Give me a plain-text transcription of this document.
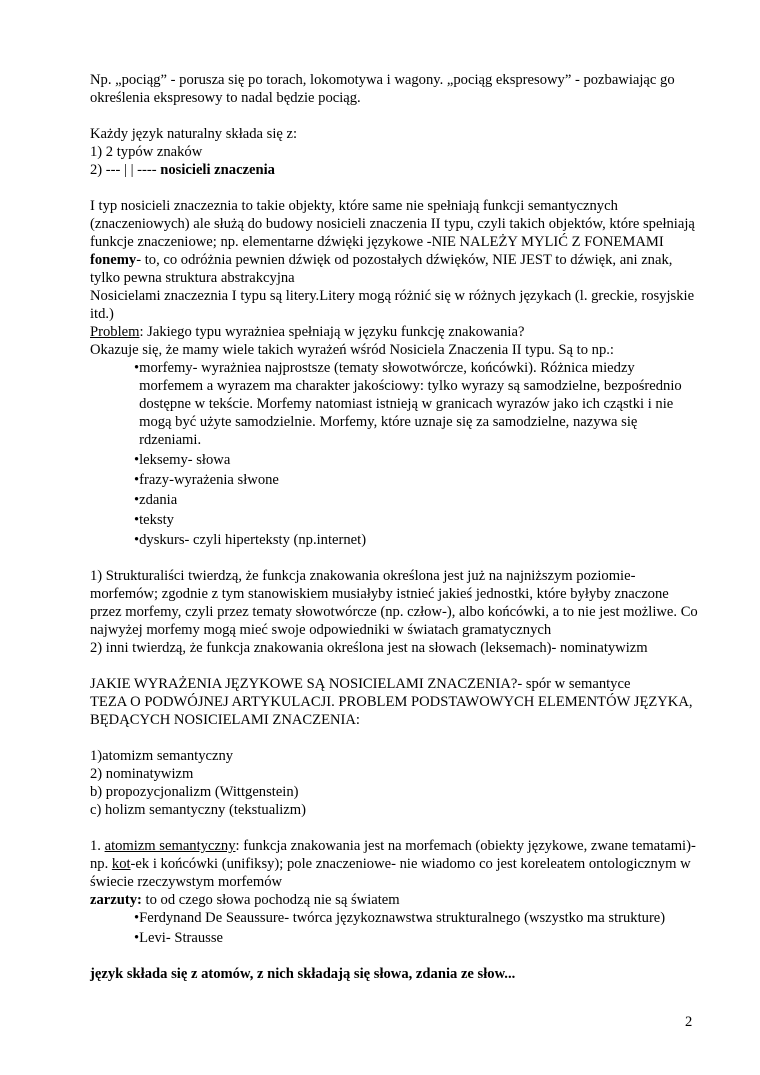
Np. „pociąg” - porusza się po torach, lokomotywa i wagony. „pociąg ekspresowy” - pozbawiając go określenia ekspresowy to nadal będzie pociąg.

Każdy język naturalny składa się z:

1) 2 typów znaków

2) --- | | ---- nosicieli znaczenia

I typ nosicieli znaczeznia to takie objekty, które same nie spełniają funkcji semantycznych (znaczeniowych) ale służą do budowy nosicieli znaczenia II typu, czyli takich objektów, które spełniają funkcje znaczeniowe; np. elementarne dźwięki językowe -NIE NALEŻY MYLIĆ Z FONEMAMI

fonemy- to, co odróżnia pewnien dźwięk od pozostałych dźwięków, NIE JEST to dźwięk, ani znak, tylko pewna struktura abstrakcyjna

Nosicielami znaczeznia I typu są litery.Litery mogą różnić się w różnych językach (l. greckie, rosyjskie itd.)

Problem: Jakiego typu wyrażniea spełniają w języku funkcję znakowania?

Okazuje się, że mamy wiele takich wyrażeń wśród Nosiciela Znaczenia II typu. Są to np.:

• morfemy- wyrażniea najprostsze (tematy słowotwórcze, końcówki). Różnica miedzy morfemem a wyrazem ma charakter jakościowy: tylko wyrazy są samodzielne, bezpośrednio dostępne w tekście. Morfemy natomiast istnieją w granicach wyrazów jako ich cząstki i nie mogą być użyte samodzielnie. Morfemy, które uznaje się za samodzielne, nazywa się rdzeniami.
• leksemy- słowa
• frazy-wyrażenia słwone
• zdania
• teksty
• dyskurs- czyli hiperteksty (np.internet)

1) Strukturaliści twierdzą, że funkcja znakowania określona jest już na najniższym poziomie- morfemów; zgodnie z tym stanowiskiem musiałyby istnieć jakieś jednostki, które byłyby znaczone przez morfemy, czyli przez tematy słowotwórcze (np. człow-), albo końcówki, a to nie jest możliwe. Co najwyżej morfemy mogą mieć swoje odpowiedniki w światach gramatycznych

2) inni twierdzą, że funkcja znakowania określona jest na słowach (leksemach)- nominatywizm

JAKIE WYRAŻENIA JĘZYKOWE SĄ NOSICIELAMI ZNACZENIA?- spór w semantyce

TEZA O PODWÓJNEJ ARTYKULACJI. PROBLEM PODSTAWOWYCH ELEMENTÓW JĘZYKA, BĘDĄCYCH NOSICIELAMI ZNACZENIA:

1)atomizm semantyczny

2) nominatywizm

b) propozycjonalizm (Wittgenstein)

c) holizm semantyczny (tekstualizm)

1. atomizm semantyczny: funkcja znakowania jest na morfemach (obiekty językowe, zwane tematami)- np. kot-ek i końcówki (unifiksy); pole znaczeniowe- nie wiadomo co jest koreleatem ontologicznym w świecie rzeczywstym morfemów

zarzuty: to od czego słowa pochodzą nie są światem

• Ferdynand De Seaussure- twórca językoznawstwa strukturalnego (wszystko ma strukture)
• Levi- Strausse

język składa się z atomów, z nich składają się słowa, zdania ze słow...

2
